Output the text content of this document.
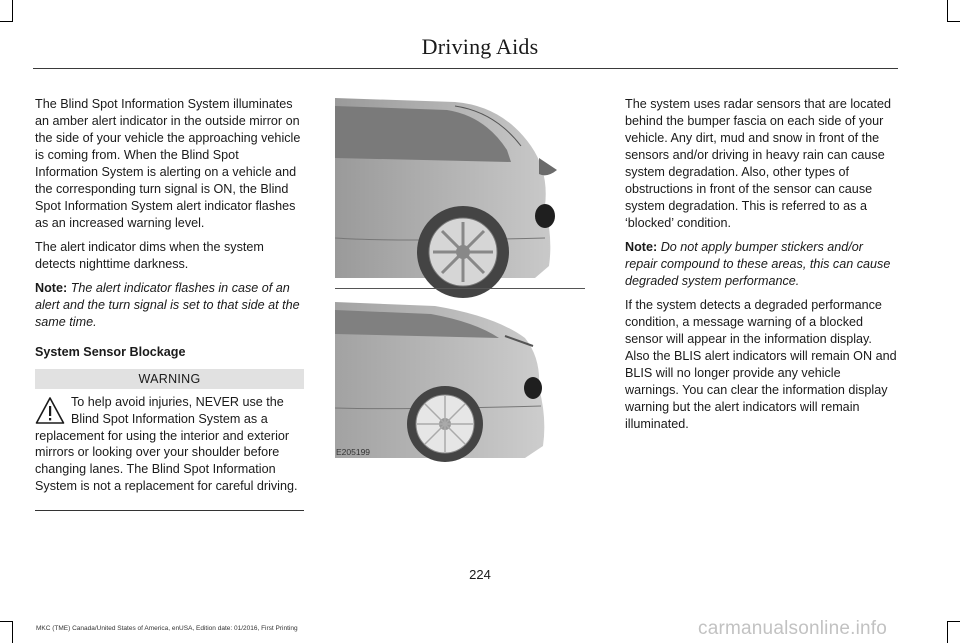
Driving Aids

The Blind Spot Information System illuminates an amber alert indicator in the outside mirror on the side of your vehicle the approaching vehicle is coming from. When the Blind Spot Information System is alerting on a vehicle and the corresponding turn signal is ON, the Blind Spot Information System alert indicator flashes as an increased warning level.

The alert indicator dims when the system detects nighttime darkness.

Note: The alert indicator flashes in case of an alert and the turn signal is set to that side at the same time.

System Sensor Blockage

WARNING
To help avoid injuries, NEVER use the Blind Spot Information System as a replacement for using the interior and exterior mirrors or looking over your shoulder before changing lanes. The Blind Spot Information System is not a replacement for careful driving.
E205199

The system uses radar sensors that are located behind the bumper fascia on each side of your vehicle. Any dirt, mud and snow in front of the sensors and/or driving in heavy rain can cause system degradation. Also, other types of obstructions in front of the sensor can cause system degradation. This is referred to as a ‘blocked’ condition.

Note: Do not apply bumper stickers and/or repair compound to these areas, this can cause degraded system performance.

If the system detects a degraded performance condition, a message warning of a blocked sensor will appear in the information display. Also the BLIS alert indicators will remain ON and BLIS will no longer provide any vehicle warnings. You can clear the information display warning but the alert indicators will remain illuminated.

224
MKC (TME) Canada/United States of America, enUSA, Edition date: 01/2016, First Printing	carmanualsonline.info
